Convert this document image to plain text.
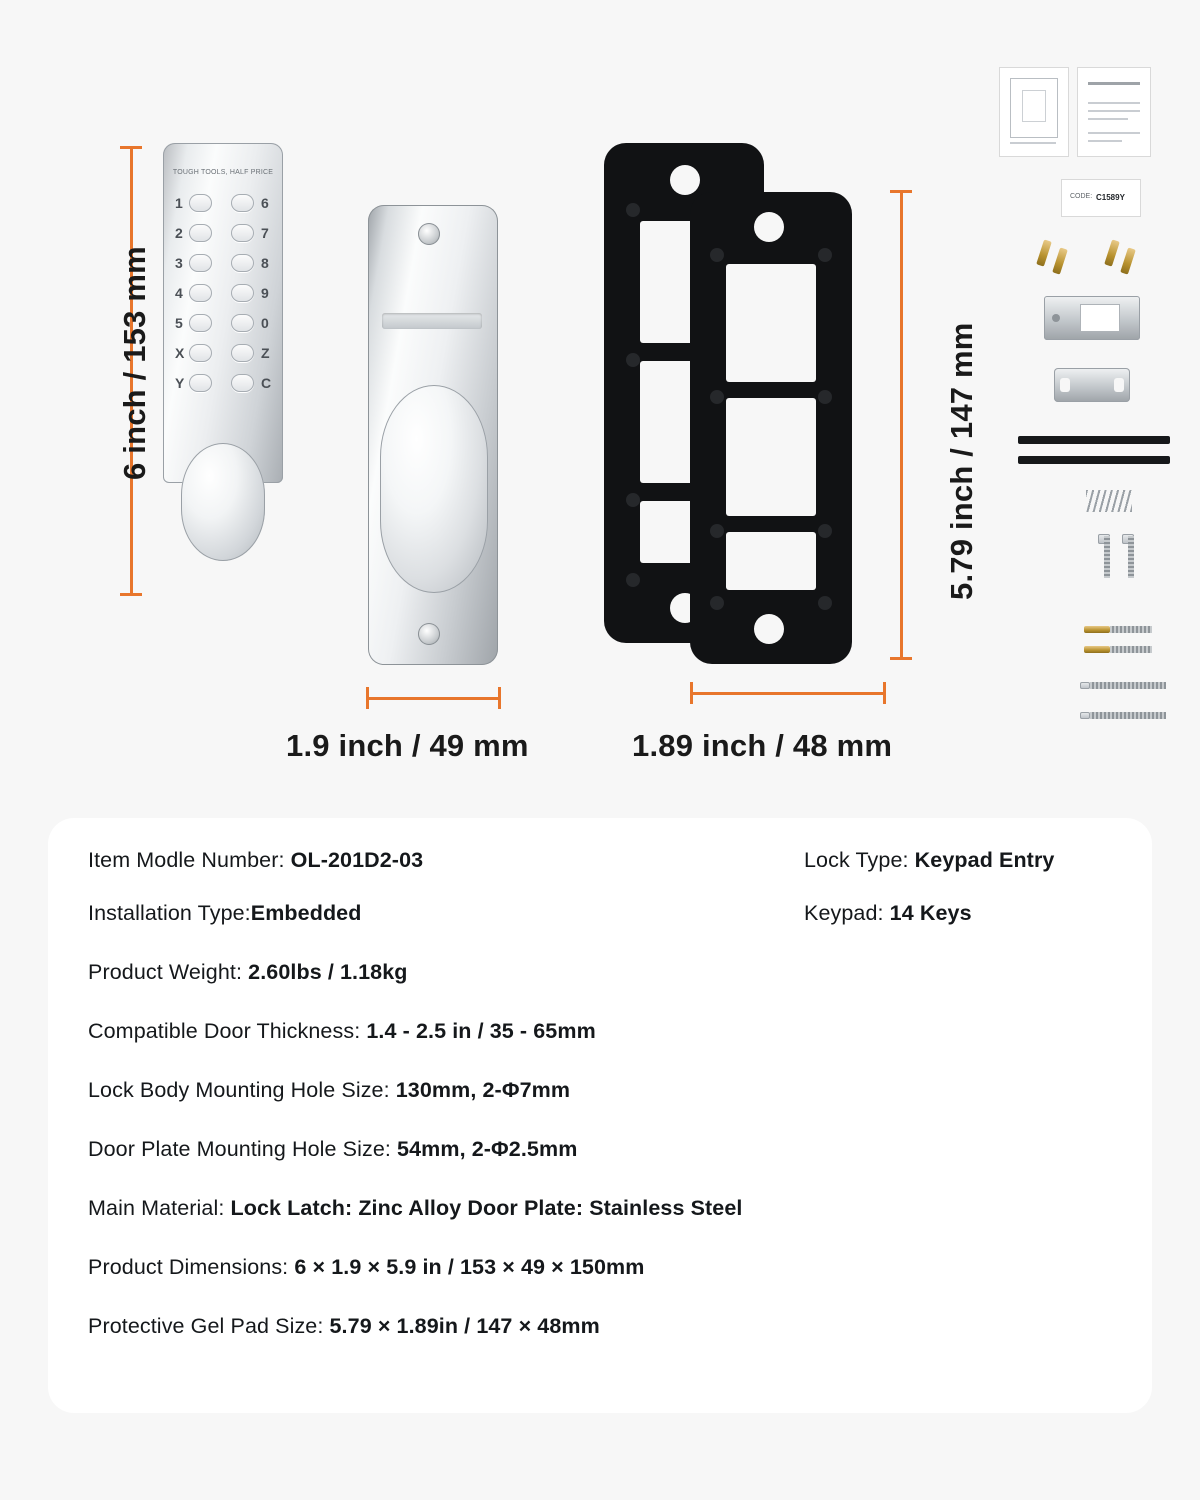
6 inch / 153 mm
TOUGH TOOLS, HALF PRICE
1	6
2	7
3	8
4	9
5	0
X	Z
Y	C	5.79 inch / 147 mm
1.9 inch / 49 mm	1.89 inch / 48 mm
CODE: C1589Y
Item Modle Number: OL-201D2-03
Installation Type:Embedded
Product Weight: 2.60lbs / 1.18kg
Compatible Door Thickness: 1.4 - 2.5 in / 35 - 65mm
Lock Body Mounting Hole Size: 130mm, 2-Φ7mm
Door Plate Mounting Hole Size: 54mm, 2-Φ2.5mm
Main Material: Lock Latch: Zinc Alloy Door Plate: Stainless Steel
Product Dimensions: 6 × 1.9 × 5.9 in / 153 × 49 × 150mm
Protective Gel Pad Size: 5.79 × 1.89in / 147 × 48mm
Lock Type: Keypad Entry
Keypad: 14 Keys
